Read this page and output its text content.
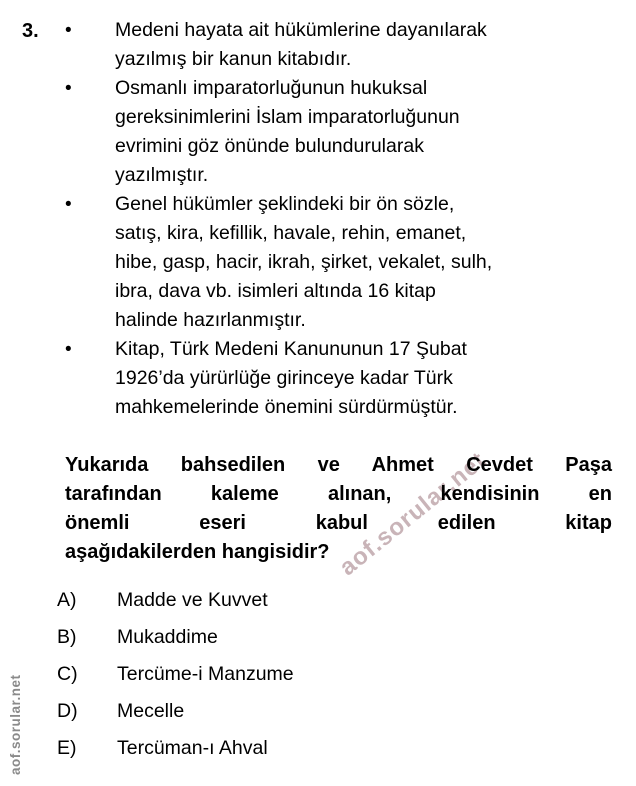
aof.sorular.net
aof.sorular.net
3. •	Medeni hayata ait hükümlerine dayanılarak
yazılmış bir kanun kitabıdır.
•	Osmanlı imparatorluğunun hukuksal
gereksinimlerini İslam imparatorluğunun
evrimini göz önünde bulundurularak
yazılmıştır.
•	Genel hükümler şeklindeki bir ön sözle,
satış, kira, kefillik, havale, rehin, emanet,
hibe, gasp, hacir, ikrah, şirket, vekalet, sulh,
ibra, dava vb. isimleri altında 16 kitap
halinde hazırlanmıştır.
•	Kitap, Türk Medeni Kanununun 17 Şubat
1926’da yürürlüğe girinceye kadar Türk
mahkemelerinde önemini sürdürmüştür.
Yukarıda bahsedilen ve Ahmet Cevdet Paşa
tarafından kaleme alınan, kendisinin en
önemli eseri kabul edilen kitap
aşağıdakilerden hangisidir?
A)	Madde ve Kuvvet
B)	Mukaddime
C)	Tercüme-i Manzume
D)	Mecelle
E)	Tercüman-ı Ahval
